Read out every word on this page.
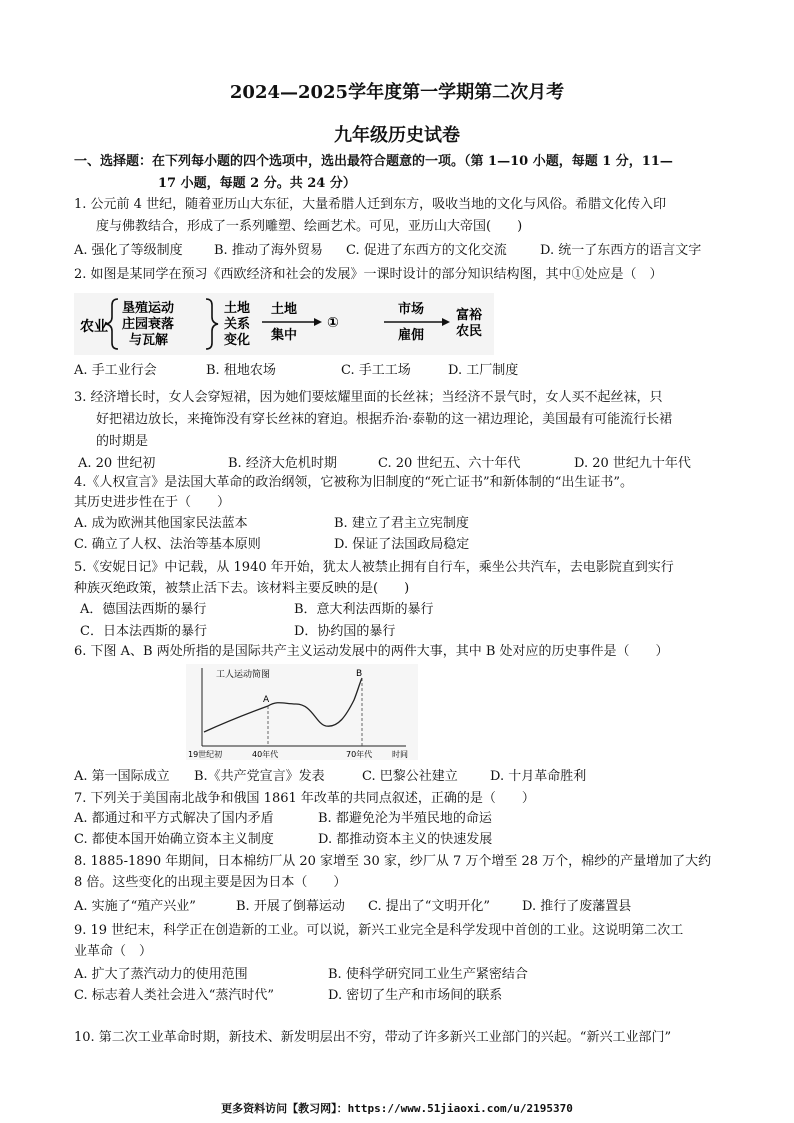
2024—2025学年度第一学期第二次月考
九年级历史试卷
一、选择题：在下列每小题的四个选项中，选出最符合题意的一项。（第 1—10 小题，每题 1 分，11—
17 小题，每题 2 分。共 24 分）
1. 公元前 4 世纪，随着亚历山大东征，大量希腊人迁到东方，吸收当地的文化与风俗。希腊文化传入印
度与佛教结合，形成了一系列雕塑、绘画艺术。可见，亚历山大帝国(　　)
A. 强化了等级制度 B. 推动了海外贸易 C. 促进了东西方的文化交流	D. 统一了东西方的语言文字
2. 如图是某同学在预习《西欧经济和社会的发展》一课时设计的部分知识结构图，其中①处应是（　）
农业
垦殖运动
庄园衰落
与瓦解
土地
关系
变化
土地
集中
①
市场
雇佣
富裕
农民
A. 手工业行会	B. 租地农场	C. 手工工场	D. 工厂制度
3. 经济增长时，女人会穿短裙，因为她们要炫耀里面的长丝袜；当经济不景气时，女人买不起丝袜，只
好把裙边放长，来掩饰没有穿长丝袜的窘迫。根据乔治·泰勒的这一裙边理论，美国最有可能流行长裙
的时期是
A. 20 世纪初	B. 经济大危机时期	C. 20 世纪五、六十年代	D. 20 世纪九十年代
4.《人权宣言》是法国大革命的政治纲领，它被称为旧制度的“死亡证书”和新体制的“出生证书”。
其历史进步性在于（　　）
A. 成为欧洲其他国家民法蓝本	B. 建立了君主立宪制度
C. 确立了人权、法治等基本原则	D. 保证了法国政局稳定
5.《安妮日记》中记载，从 1940 年开始，犹太人被禁止拥有自行车，乘坐公共汽车，去电影院直到实行
种族灭绝政策，被禁止活下去。该材料主要反映的是(　　)
A．德国法西斯的暴行	B．意大利法西斯的暴行
C．日本法西斯的暴行	D．协约国的暴行
6. 下图 A、B 两处所指的是国际共产主义运动发展中的两件大事，其中 B 处对应的历史事件是（　　）
工人运动简图
A
B
19世纪初	40年代	70年代 时间
A. 第一国际成立 B.《共产党宣言》发表	C. 巴黎公社建立 D. 十月革命胜利
7. 下列关于美国南北战争和俄国 1861 年改革的共同点叙述，正确的是（　　）
A. 都通过和平方式解决了国内矛盾	B. 都避免沦为半殖民地的命运
C. 都使本国开始确立资本主义制度	D. 都推动资本主义的快速发展
8. 1885-1890 年期间，日本棉纺厂从 20 家增至 30 家，纱厂从 7 万个增至 28 万个，棉纱的产量增加了大约
8 倍。这些变化的出现主要是因为日本（　　）
A. 实施了“殖产兴业”	B. 开展了倒幕运动 C. 提出了“文明开化” D. 推行了废藩置县
9. 19 世纪末，科学正在创造新的工业。可以说，新兴工业完全是科学发现中首创的工业。这说明第二次工
业革命（　）
A. 扩大了蒸汽动力的使用范围	B. 使科学研究同工业生产紧密结合
C. 标志着人类社会进入“蒸汽时代”	D. 密切了生产和市场间的联系
10. 第二次工业革命时期，新技术、新发明层出不穷，带动了许多新兴工业部门的兴起。“新兴工业部门”
更多资料访问【教习网】：https://www.51jiaoxi.com/u/2195370
